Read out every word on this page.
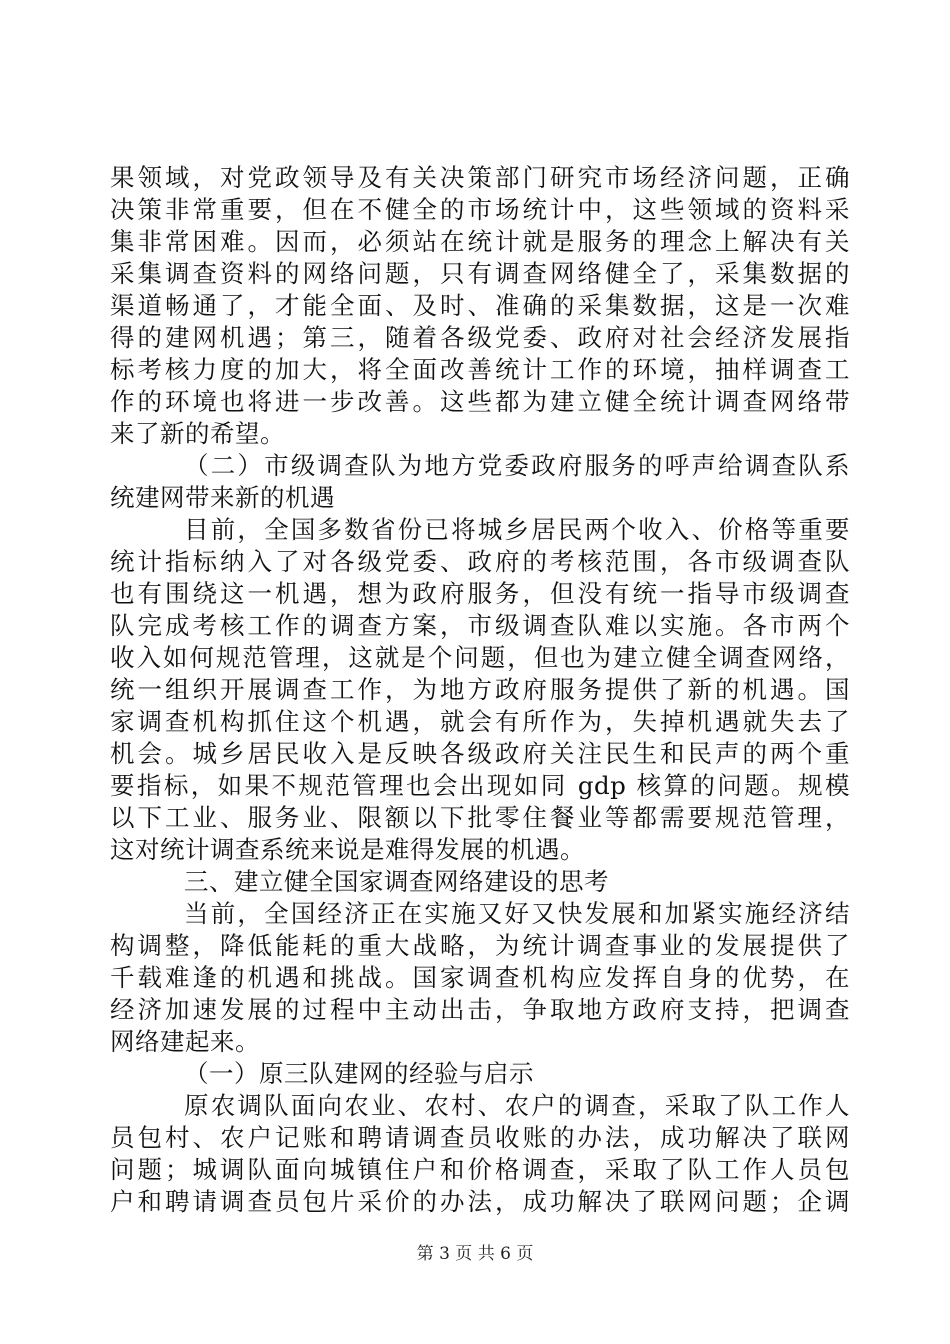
果领域，对党政领导及有关决策部门研究市场经济问题，正确
决策非常重要，但在不健全的市场统计中，这些领域的资料采
集非常困难。因而，必须站在统计就是服务的理念上解决有关
采集调查资料的网络问题，只有调查网络健全了，采集数据的
渠道畅通了，才能全面、及时、准确的采集数据，这是一次难
得的建网机遇；第三，随着各级党委、政府对社会经济发展指
标考核力度的加大，将全面改善统计工作的环境，抽样调查工
作的环境也将进一步改善。这些都为建立健全统计调查网络带
来了新的希望。
（二）市级调查队为地方党委政府服务的呼声给调查队系
统建网带来新的机遇
目前，全国多数省份已将城乡居民两个收入、价格等重要
统计指标纳入了对各级党委、政府的考核范围，各市级调查队
也有围绕这一机遇，想为政府服务，但没有统一指导市级调查
队完成考核工作的调查方案，市级调查队难以实施。各市两个
收入如何规范管理，这就是个问题，但也为建立健全调查网络，
统一组织开展调查工作，为地方政府服务提供了新的机遇。国
家调查机构抓住这个机遇，就会有所作为，失掉机遇就失去了
机会。城乡居民收入是反映各级政府关注民生和民声的两个重
要指标，如果不规范管理也会出现如同 gdp 核算的问题。规模
以下工业、服务业、限额以下批零住餐业等都需要规范管理，
这对统计调查系统来说是难得发展的机遇。
三、建立健全国家调查网络建设的思考
当前，全国经济正在实施又好又快发展和加紧实施经济结
构调整，降低能耗的重大战略，为统计调查事业的发展提供了
千载难逢的机遇和挑战。国家调查机构应发挥自身的优势，在
经济加速发展的过程中主动出击，争取地方政府支持，把调查
网络建起来。
（一）原三队建网的经验与启示
原农调队面向农业、农村、农户的调查，采取了队工作人
员包村、农户记账和聘请调查员收账的办法，成功解决了联网
问题；城调队面向城镇住户和价格调查，采取了队工作人员包
户和聘请调查员包片采价的办法，成功解决了联网问题；企调
第 3 页 共 6 页
